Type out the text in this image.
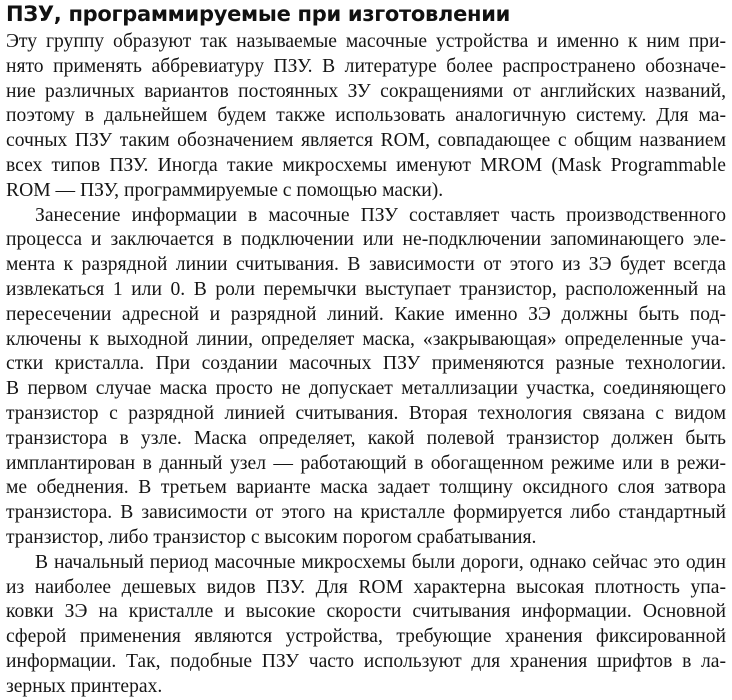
ПЗУ, программируемые при изготовлении
Эту группу образуют так называемые масочные устройства и именно к ним при-
нято применять аббревиатуру ПЗУ. В литературе более распространено обозначе-
ние различных вариантов постоянных ЗУ сокращениями от английских названий,
поэтому в дальнейшем будем также использовать аналогичную систему. Для ма-
сочных ПЗУ таким обозначением является ROM, совпадающее с общим названием
всех типов ПЗУ. Иногда такие микросхемы именуют MROM (Mask Programmable
ROM — ПЗУ, программируемые с помощью маски).
Занесение информации в масочные ПЗУ составляет часть производственного
процесса и заключается в подключении или не-подключении запоминающего эле-
мента к разрядной линии считывания. В зависимости от этого из ЗЭ будет всегда
извлекаться 1 или 0. В роли перемычки выступает транзистор, расположенный на
пересечении адресной и разрядной линий. Какие именно ЗЭ должны быть под-
ключены к выходной линии, определяет маска, «закрывающая» определенные уча-
стки кристалла. При создании масочных ПЗУ применяются разные технологии.
В первом случае маска просто не допускает металлизации участка, соединяющего
транзистор с разрядной линией считывания. Вторая технология связана с видом
транзистора в узле. Маска определяет, какой полевой транзистор должен быть
имплантирован в данный узел — работающий в обогащенном режиме или в режи-
ме обеднения. В третьем варианте маска задает толщину оксидного слоя затвора
транзистора. В зависимости от этого на кристалле формируется либо стандартный
транзистор, либо транзистор с высоким порогом срабатывания.
В начальный период масочные микросхемы были дороги, однако сейчас это один
из наиболее дешевых видов ПЗУ. Для ROM характерна высокая плотность упа-
ковки ЗЭ на кристалле и высокие скорости считывания информации. Основной
сферой применения являются устройства, требующие хранения фиксированной
информации. Так, подобные ПЗУ часто используют для хранения шрифтов в ла-
зерных принтерах.
